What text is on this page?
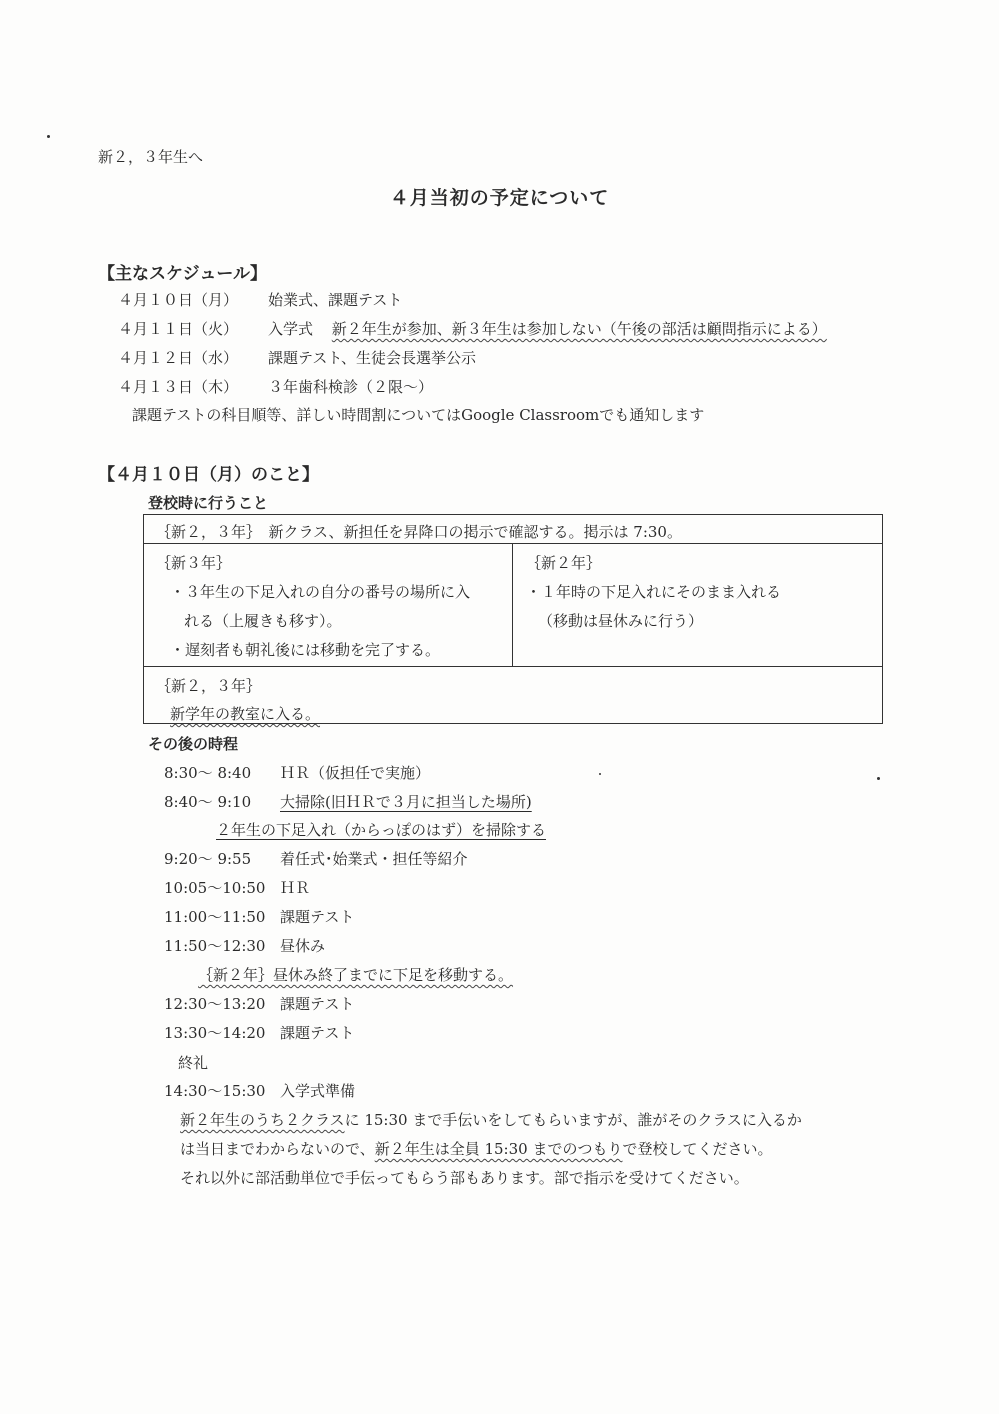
新２，３年生へ
４月当初の予定について
【主なスケジュール】
４月１０日（月） 始業式、課題テスト
４月１１日（火） 入学式 新２年生が参加、新３年生は参加しない（午後の部活は顧問指示による）
４月１２日（水） 課題テスト、生徒会長選挙公示
４月１３日（木） ３年歯科検診（２限～）
課題テストの科目順等、詳しい時間割についてはGoogle Classroomでも通知します
【４月１０日（月）のこと】
登校時に行うこと
｛新２，３年｝　新クラス、新担任を昇降口の掲示で確認する。掲示は 7:30。
｛新３年｝
・３年生の下足入れの自分の番号の場所に入
れる（上履きも移す）。
・遅刻者も朝礼後には移動を完了する。
｛新２年｝
・１年時の下足入れにそのまま入れる
（移動は昼休みに行う）
｛新２，３年｝
新学年の教室に入る。
その後の時程
8:30～ 8:40 ＨＲ（仮担任で実施）
8:40～ 9:10 大掃除(旧ＨＲで３月に担当した場所)
２年生の下足入れ（からっぽのはず）を掃除する
9:20～ 9:55 着任式･始業式・担任等紹介
10:05～10:50 ＨＲ
11:00～11:50 課題テスト
11:50～12:30 昼休み
｛新２年｝昼休み終了までに下足を移動する。
12:30～13:20 課題テスト
13:30～14:20 課題テスト
終礼
14:30～15:30 入学式準備
新２年生のうち２クラスに 15:30 まで手伝いをしてもらいますが、誰がそのクラスに入るか
は当日までわからないので、新２年生は全員 15:30 までのつもりで登校してください。
それ以外に部活動単位で手伝ってもらう部もあります。部で指示を受けてください。
